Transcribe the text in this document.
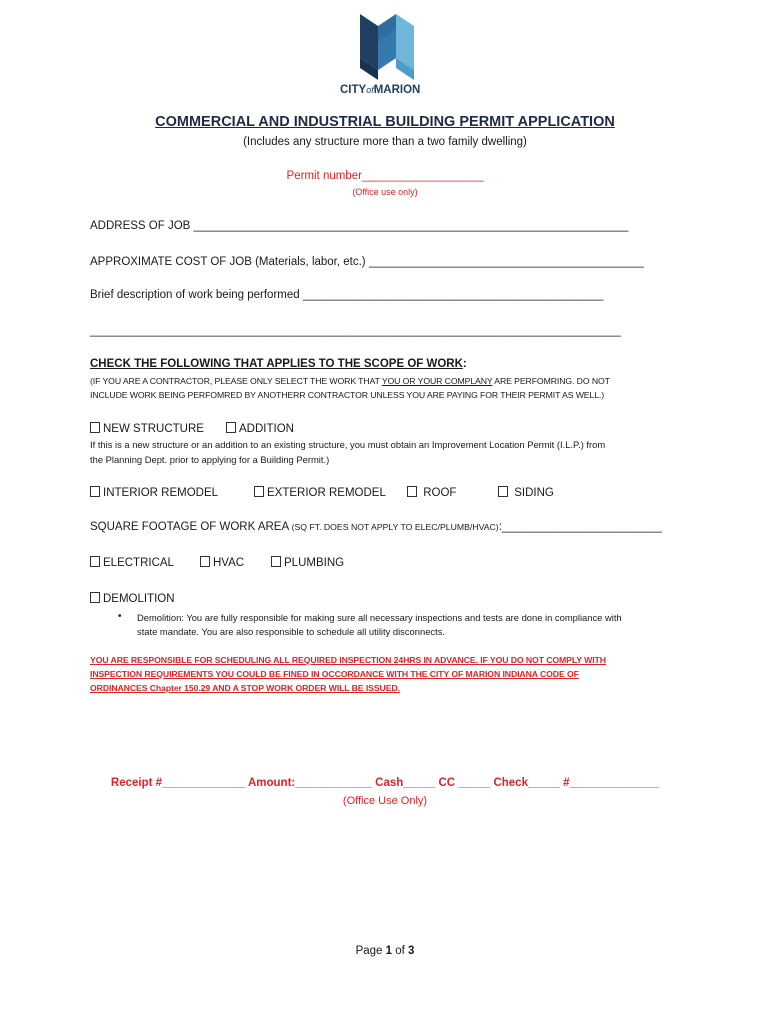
CITYofMARION
COMMERCIAL AND INDUSTRIAL BUILDING PERMIT APPLICATION
(Includes any structure more than a two family dwelling)
Permit number___________________
(Office use only)
ADDRESS OF JOB ____________________________________________________________________
APPROXIMATE COST OF JOB (Materials, labor, etc.) ___________________________________________
Brief description of work being performed _______________________________________________
___________________________________________________________________________________
CHECK THE FOLLOWING THAT APPLIES TO THE SCOPE OF WORK:
(IF YOU ARE A CONTRACTOR, PLEASE ONLY SELECT THE WORK THAT YOU OR YOUR COMPLANY ARE PERFOMRING. DO NOT
INCLUDE WORK BEING PERFOMRED BY ANOTHERR CONTRACTOR UNLESS YOU ARE PAYING FOR THEIR PERMIT AS WELL.)
NEW STRUCTURE	ADDITION
If this is a new structure or an addition to an existing structure, you must obtain an Improvement Location Permit (I.L.P.) from
the Planning Dept. prior to applying for a Building Permit.)
INTERIOR REMODEL	EXTERIOR REMODEL	ROOF	SIDING
SQUARE FOOTAGE OF WORK AREA (SQ FT. DOES NOT APPLY TO ELEC/PLUMB/HVAC):_________________________
ELECTRICAL	HVAC	PLUMBING
DEMOLITION
• Demolition: You are fully responsible for making sure all necessary inspections and tests are done in compliance with
state mandate. You are also responsible to schedule all utility disconnects.
YOU ARE RESPONSIBLE FOR SCHEDULING ALL REQUIRED INSPECTION 24HRS IN ADVANCE. IF YOU DO NOT COMPLY WITH
INSPECTION REQUIREMENTS YOU COULD BE FINED IN OCCORDANCE WITH THE CITY OF MARION INDIANA CODE OF
ORDINANCES Chapter 150.29 AND A STOP WORK ORDER WILL BE ISSUED.
Receipt #_____________ Amount:____________ Cash_____ CC _____ Check_____ #______________
(Office Use Only)
Page 1 of 3
